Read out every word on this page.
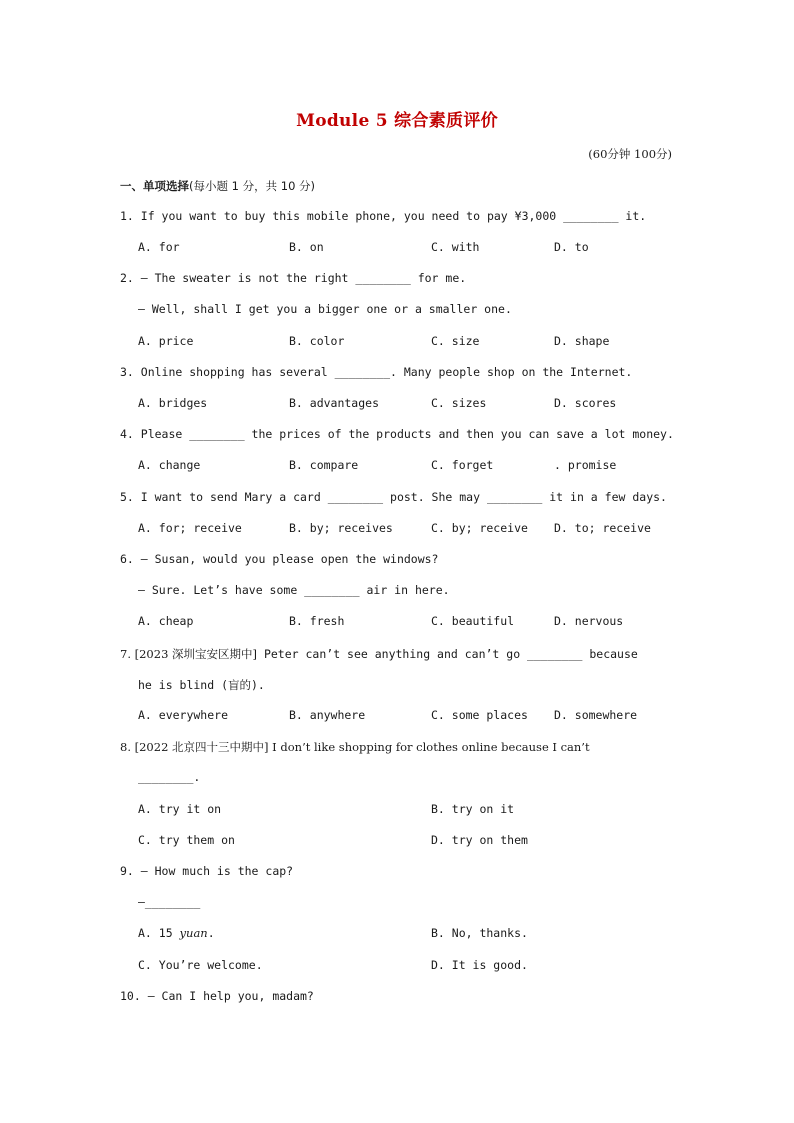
Module 5 综合素质评价
(60分钟 100分)
一、单项选择(每小题 1 分，共 10 分)
1. If you want to buy this mobile phone, you need to pay ¥3,000 ________ it.
A. for	B. on	C. with	D. to
2. — The sweater is not the right ________ for me.
— Well, shall I get you a bigger one or a smaller one.
A. price	B. color	C. size	D. shape
3. Online shopping has several ________. Many people shop on the Internet.
A. bridges	B. advantages	C. sizes	D. scores
4. Please ________ the prices of the products and then you can save a lot money.
A. change	B. compare	C. forget	. promise
5. I want to send Mary a card ________ post. She may ________ it in a few days.
A. for; receive	B. by; receives	C. by; receive D. to; receive
6. — Susan, would you please open the windows?
— Sure. Let’s have some ________ air in here.
A. cheap	B. fresh	C. beautiful	D. nervous
7. [2023 深圳宝安区期中] Peter can’t see anything and can’t go ________ because
he is blind (盲的).
A. everywhere	B. anywhere	C. some places D. somewhere
8. [2022 北京四十三中期中] I don’t like shopping for clothes online because I can’t
________.
A. try it on	B. try on it
C. try them on	D. try on them
9. — How much is the cap?
—________
A. 15 yuan.	B. No, thanks.
C. You’re welcome.	D. It is good.
10. — Can I help you, madam?
